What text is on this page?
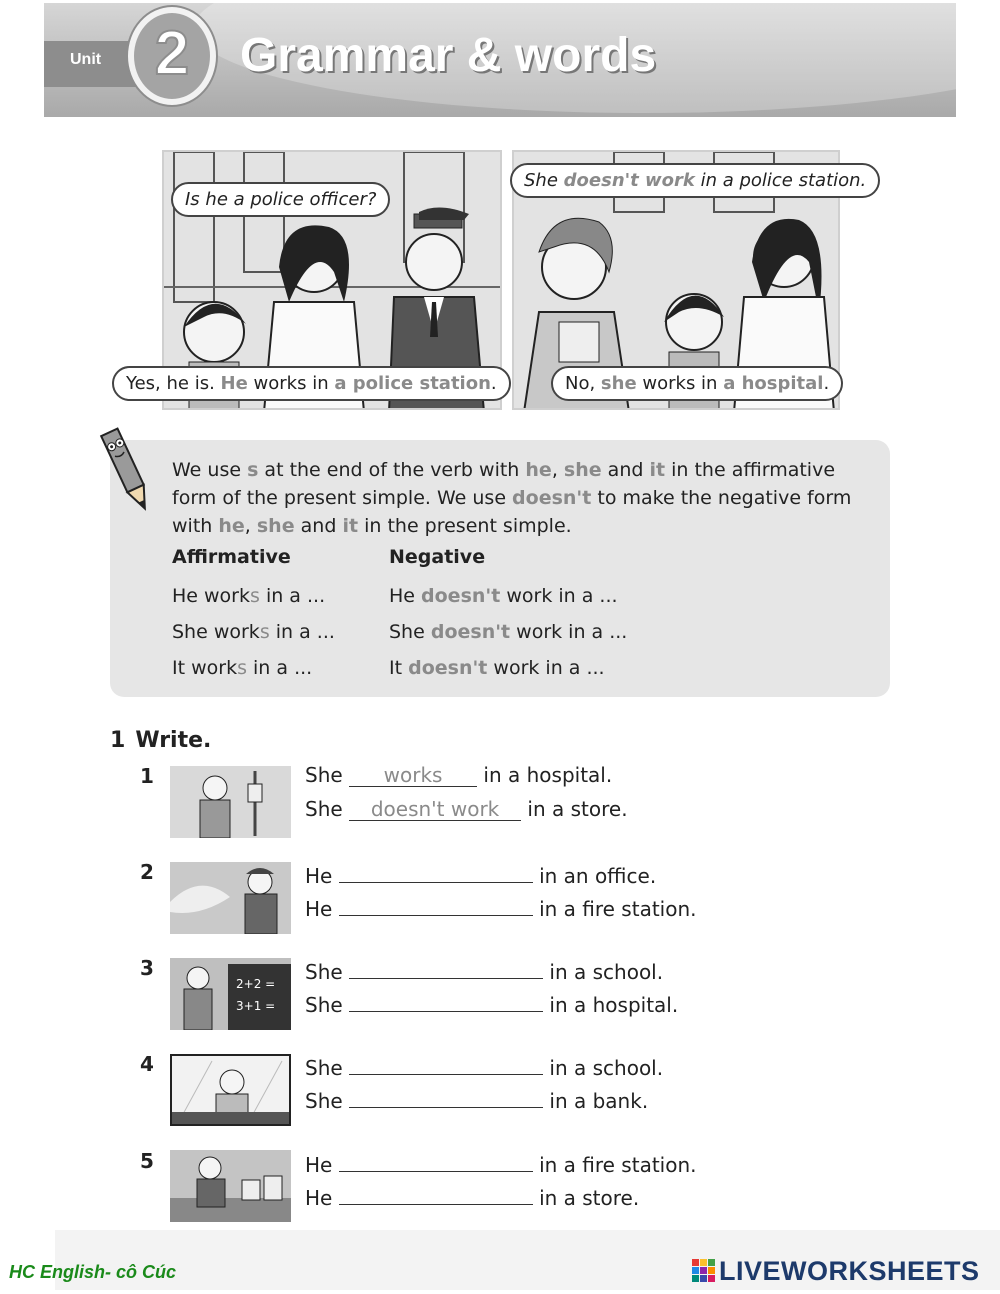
Unit 2	Grammar & words
Is he a police officer?
Yes, he is. He works in a police station.
She doesn't work in a police station.
No, she works in a hospital.
We use s at the end of the verb with he, she and it in the affirmative form of the present simple. We use doesn't to make the negative form with he, she and it in the present simple.
Affirmative	Negative
He works in a ...	He doesn't work in a ...
She works in a ...	She doesn't work in a ...
It works in a ...	It doesn't work in a ...
1 Write.
1	She works in a hospital.
She doesn't work in a store.
2	He	in an office.
He	in a fire station.
3
2+2 =
3+1 =
She	in a school.
She	in a hospital.
4	She	in a school.
She	in a bank.
5	He	in a fire station.
He	in a store.
HC English- cô Cúc	LIVEWORKSHEETS
